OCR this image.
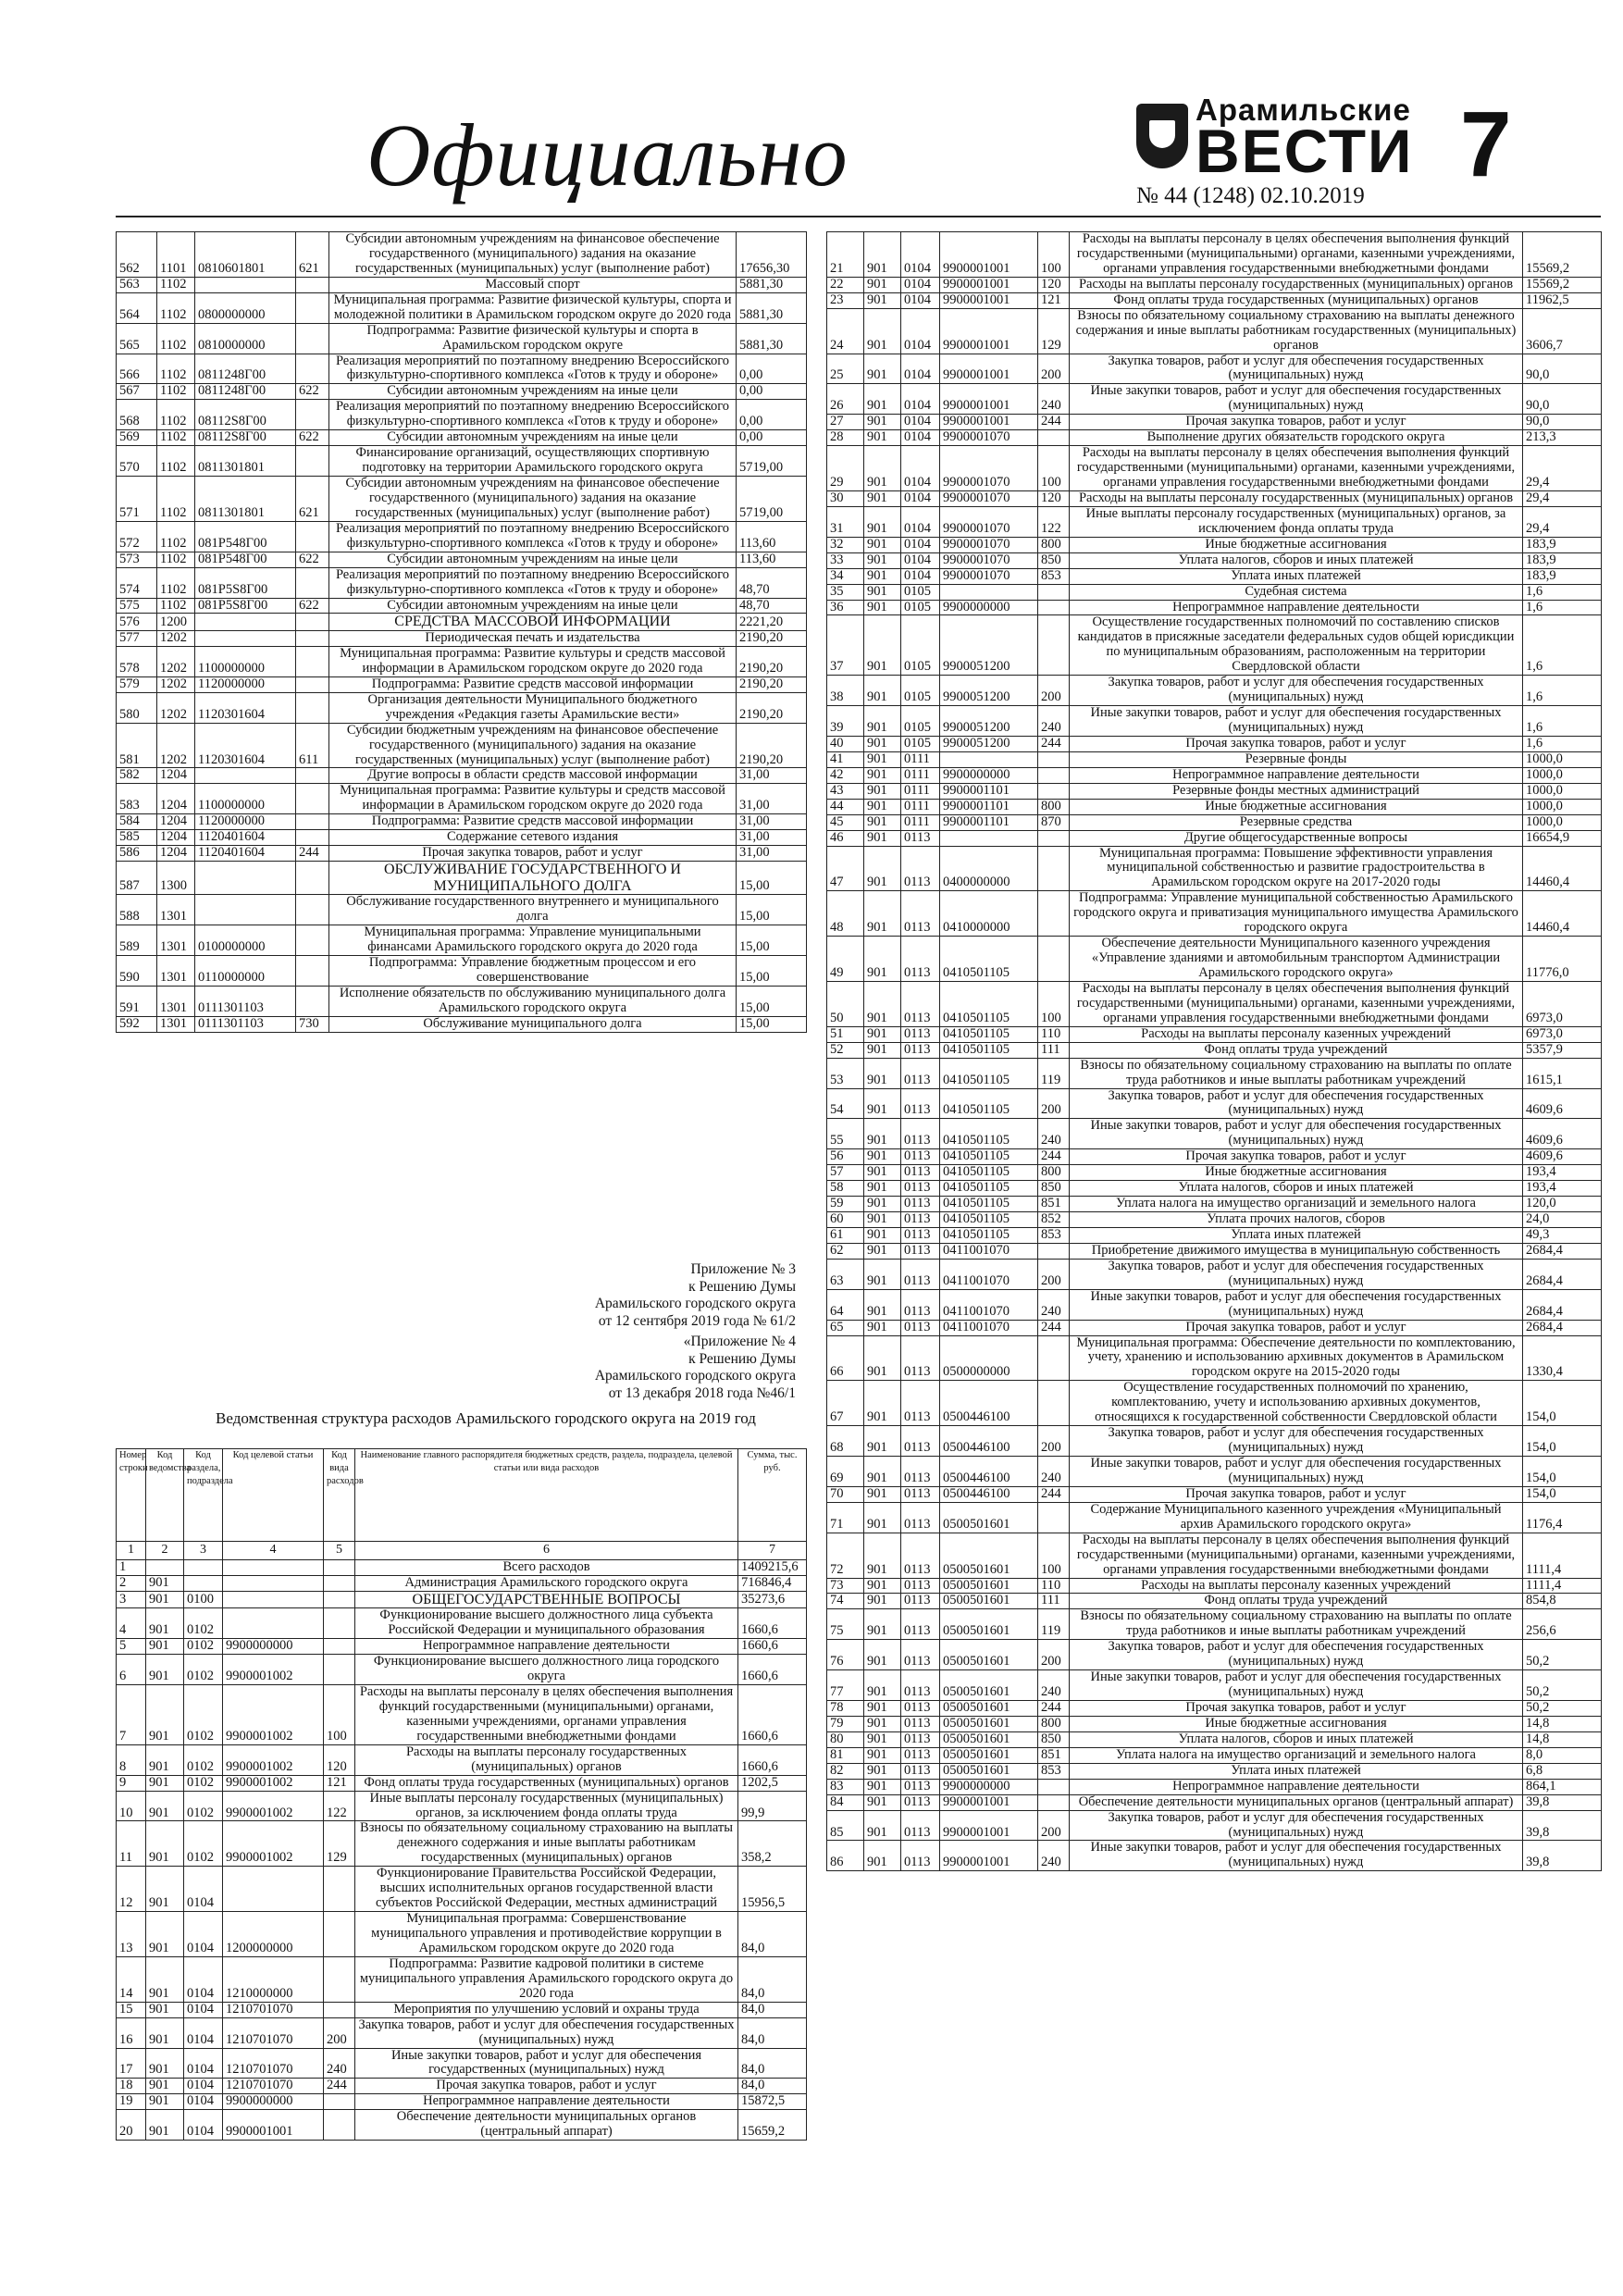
Официально	Арамильские
ВЕСТИ
№ 44 (1248) 02.10.2019 7
562	1101	0810601801	621	Субсидии автономным учреждениям на финансовое обеспечение государственного (муниципального) задания на оказание государственных (муниципальных) услуг (выполнение работ)	17656,30
563	1102			Массовый спорт	5881,30
564	1102	0800000000		Муниципальная программа: Развитие физической культуры, спорта и молодежной политики в Арамильском городском округе до 2020 года	5881,30
565	1102	0810000000		Подпрограмма: Развитие физической культуры и спорта в Арамильском городском округе	5881,30
566	1102	0811248Г00		Реализация мероприятий по поэтапному внедрению Всероссийского физкультурно-спортивного комплекса «Готов к труду и обороне»	0,00
567	1102	0811248Г00	622	Субсидии автономным учреждениям на иные цели	0,00
568	1102	08112S8Г00		Реализация мероприятий по поэтапному внедрению Всероссийского физкультурно-спортивного комплекса «Готов к труду и обороне»	0,00
569	1102	08112S8Г00	622	Субсидии автономным учреждениям на иные цели	0,00
570	1102	0811301801		Финансирование организаций, осуществляющих спортивную подготовку на территории Арамильского городского округа	5719,00
571	1102	0811301801	621	Субсидии автономным учреждениям на финансовое обеспечение государственного (муниципального) задания на оказание государственных (муниципальных) услуг (выполнение работ)	5719,00
572	1102	081P548Г00		Реализация мероприятий по поэтапному внедрению Всероссийского физкультурно-спортивного комплекса «Готов к труду и обороне»	113,60
573	1102	081P548Г00	622	Субсидии автономным учреждениям на иные цели	113,60
574	1102	081P5S8Г00		Реализация мероприятий по поэтапному внедрению Всероссийского физкультурно-спортивного комплекса «Готов к труду и обороне»	48,70
575	1102	081P5S8Г00	622	Субсидии автономным учреждениям на иные цели	48,70
576	1200			СРЕДСТВА МАССОВОЙ ИНФОРМАЦИИ	2221,20
577	1202			Периодическая печать и издательства	2190,20
578	1202	1100000000		Муниципальная программа: Развитие культуры и средств массовой информации в Арамильском городском округе до 2020 года	2190,20
579	1202	1120000000		Подпрограмма: Развитие средств массовой информации	2190,20
580	1202	1120301604		Организация деятельности Муниципального бюджетного учреждения «Редакция газеты Арамильские вести»	2190,20
581	1202	1120301604	611	Субсидии бюджетным учреждениям на финансовое обеспечение государственного (муниципального) задания на оказание государственных (муниципальных) услуг (выполнение работ)	2190,20
582	1204			Другие вопросы в области средств массовой информации	31,00
583	1204	1100000000		Муниципальная программа: Развитие культуры и средств массовой информации в Арамильском городском округе до 2020 года	31,00
584	1204	1120000000		Подпрограмма: Развитие средств массовой информации	31,00
585	1204	1120401604		Содержание сетевого издания	31,00
586	1204	1120401604	244	Прочая закупка товаров, работ и услуг	31,00
587	1300			ОБСЛУЖИВАНИЕ ГОСУДАРСТВЕННОГО И МУНИЦИПАЛЬНОГО ДОЛГА	15,00
588	1301			Обслуживание государственного внутреннего и муниципального долга	15,00
589	1301	0100000000		Муниципальная программа: Управление муниципальными финансами Арамильского городского округа до 2020 года	15,00
590	1301	0110000000		Подпрограмма: Управление бюджетным процессом и его совершенствование	15,00
591	1301	0111301103		Исполнение обязательств по обслуживанию муниципального долга Арамильского городского округа	15,00
592	1301	0111301103	730	Обслуживание муниципального долга	15,00
Приложение № 3
к Решению Думы
Арамильского городского округа
от 12 сентября 2019 года № 61/2
«Приложение № 4
к Решению Думы
Арамильского городского округа
от 13 декабря 2018 года №46/1
Ведомственная структура расходов Арамильского городского округа на 2019 год
Номер строки	Код ведомства	Код раздела, подраздела	Код целевой статьи	Код вида расходов	Наименование главного распорядителя бюджетных средств, раздела, подраздела, целевой статьи или вида расходов	Сумма, тыс. руб.
1	2	3	4	5	6	7
1					Всего расходов	1409215,6
2	901				Администрация Арамильского городского округа	716846,4
3	901	0100			ОБЩЕГОСУДАРСТВЕННЫЕ ВОПРОСЫ	35273,6
4	901	0102			Функционирование высшего должностного лица субъекта Российской Федерации и муниципального образования	1660,6
5	901	0102	9900000000		Непрограммное направление деятельности	1660,6
6	901	0102	9900001002		Функционирование высшего должностного лица городского округа	1660,6
7	901	0102	9900001002	100	Расходы на выплаты персоналу в целях обеспечения выполнения функций государственными (муниципальными) органами, казенными учреждениями, органами управления государственными внебюджетными фондами	1660,6
8	901	0102	9900001002	120	Расходы на выплаты персоналу государственных (муниципальных) органов	1660,6
9	901	0102	9900001002	121	Фонд оплаты труда государственных (муниципальных) органов	1202,5
10	901	0102	9900001002	122	Иные выплаты персоналу государственных (муниципальных) органов, за исключением фонда оплаты труда	99,9
11	901	0102	9900001002	129	Взносы по обязательному социальному страхованию на выплаты денежного содержания и иные выплаты работникам государственных (муниципальных) органов	358,2
12	901	0104			Функционирование Правительства Российской Федерации, высших исполнительных органов государственной власти субъектов Российской Федерации, местных администраций	15956,5
13	901	0104	1200000000		Муниципальная программа: Совершенствование муниципального управления и противодействие коррупции в Арамильском городском округе до 2020 года	84,0
14	901	0104	1210000000		Подпрограмма: Развитие кадровой политики в системе муниципального управления Арамильского городского округа до 2020 года	84,0
15	901	0104	1210701070		Мероприятия по улучшению условий и охраны труда	84,0
16	901	0104	1210701070	200	Закупка товаров, работ и услуг для обеспечения государственных (муниципальных) нужд	84,0
17	901	0104	1210701070	240	Иные закупки товаров, работ и услуг для обеспечения государственных (муниципальных) нужд	84,0
18	901	0104	1210701070	244	Прочая закупка товаров, работ и услуг	84,0
19	901	0104	9900000000		Непрограммное направление деятельности	15872,5
20	901	0104	9900001001		Обеспечение деятельности муниципальных органов (центральный аппарат)	15659,2
21	901	0104	9900001001	100	Расходы на выплаты персоналу в целях обеспечения выполнения функций государственными (муниципальными) органами, казенными учреждениями, органами управления государственными внебюджетными фондами	15569,2
22	901	0104	9900001001	120	Расходы на выплаты персоналу государственных (муниципальных) органов	15569,2
23	901	0104	9900001001	121	Фонд оплаты труда государственных (муниципальных) органов	11962,5
24	901	0104	9900001001	129	Взносы по обязательному социальному страхованию на выплаты денежного содержания и иные выплаты работникам государственных (муниципальных) органов	3606,7
25	901	0104	9900001001	200	Закупка товаров, работ и услуг для обеспечения государственных (муниципальных) нужд	90,0
26	901	0104	9900001001	240	Иные закупки товаров, работ и услуг для обеспечения государственных (муниципальных) нужд	90,0
27	901	0104	9900001001	244	Прочая закупка товаров, работ и услуг	90,0
28	901	0104	9900001070		Выполнение других обязательств городского округа	213,3
29	901	0104	9900001070	100	Расходы на выплаты персоналу в целях обеспечения выполнения функций государственными (муниципальными) органами, казенными учреждениями, органами управления государственными внебюджетными фондами	29,4
30	901	0104	9900001070	120	Расходы на выплаты персоналу государственных (муниципальных) органов	29,4
31	901	0104	9900001070	122	Иные выплаты персоналу государственных (муниципальных) органов, за исключением фонда оплаты труда	29,4
32	901	0104	9900001070	800	Иные бюджетные ассигнования	183,9
33	901	0104	9900001070	850	Уплата налогов, сборов и иных платежей	183,9
34	901	0104	9900001070	853	Уплата иных платежей	183,9
35	901	0105			Судебная система	1,6
36	901	0105	9900000000		Непрограммное направление деятельности	1,6
37	901	0105	9900051200		Осуществление государственных полномочий по составлению списков кандидатов в присяжные заседатели федеральных судов общей юрисдикции по муниципальным образованиям, расположенным на территории Свердловской области	1,6
38	901	0105	9900051200	200	Закупка товаров, работ и услуг для обеспечения государственных (муниципальных) нужд	1,6
39	901	0105	9900051200	240	Иные закупки товаров, работ и услуг для обеспечения государственных (муниципальных) нужд	1,6
40	901	0105	9900051200	244	Прочая закупка товаров, работ и услуг	1,6
41	901	0111			Резервные фонды	1000,0
42	901	0111	9900000000		Непрограммное направление деятельности	1000,0
43	901	0111	9900001101		Резервные фонды местных администраций	1000,0
44	901	0111	9900001101	800	Иные бюджетные ассигнования	1000,0
45	901	0111	9900001101	870	Резервные средства	1000,0
46	901	0113			Другие общегосударственные вопросы	16654,9
47	901	0113	0400000000		Муниципальная программа: Повышение эффективности управления муниципальной собственностью и развитие градостроительства в Арамильском городском округе на 2017-2020 годы	14460,4
48	901	0113	0410000000		Подпрограмма: Управление муниципальной собственностью Арамильского городского округа и приватизация муниципального имущества Арамильского городского округа	14460,4
49	901	0113	0410501105		Обеспечение деятельности Муниципального казенного учреждения «Управление зданиями и автомобильным транспортом Администрации Арамильского городского округа»	11776,0
50	901	0113	0410501105	100	Расходы на выплаты персоналу в целях обеспечения выполнения функций государственными (муниципальными) органами, казенными учреждениями, органами управления государственными внебюджетными фондами	6973,0
51	901	0113	0410501105	110	Расходы на выплаты персоналу казенных учреждений	6973,0
52	901	0113	0410501105	111	Фонд оплаты труда учреждений	5357,9
53	901	0113	0410501105	119	Взносы по обязательному социальному страхованию на выплаты по оплате труда работников и иные выплаты работникам учреждений	1615,1
54	901	0113	0410501105	200	Закупка товаров, работ и услуг для обеспечения государственных (муниципальных) нужд	4609,6
55	901	0113	0410501105	240	Иные закупки товаров, работ и услуг для обеспечения государственных (муниципальных) нужд	4609,6
56	901	0113	0410501105	244	Прочая закупка товаров, работ и услуг	4609,6
57	901	0113	0410501105	800	Иные бюджетные ассигнования	193,4
58	901	0113	0410501105	850	Уплата налогов, сборов и иных платежей	193,4
59	901	0113	0410501105	851	Уплата налога на имущество организаций и земельного налога	120,0
60	901	0113	0410501105	852	Уплата прочих налогов, сборов	24,0
61	901	0113	0410501105	853	Уплата иных платежей	49,3
62	901	0113	0411001070		Приобретение движимого имущества в муниципальную собственность	2684,4
63	901	0113	0411001070	200	Закупка товаров, работ и услуг для обеспечения государственных (муниципальных) нужд	2684,4
64	901	0113	0411001070	240	Иные закупки товаров, работ и услуг для обеспечения государственных (муниципальных) нужд	2684,4
65	901	0113	0411001070	244	Прочая закупка товаров, работ и услуг	2684,4
66	901	0113	0500000000		Муниципальная программа: Обеспечение деятельности по комплектованию, учету, хранению и использованию архивных документов в Арамильском городском округе на 2015-2020 годы	1330,4
67	901	0113	0500446100		Осуществление государственных полномочий по хранению, комплектованию, учету и использованию архивных документов, относящихся к государственной собственности Свердловской области	154,0
68	901	0113	0500446100	200	Закупка товаров, работ и услуг для обеспечения государственных (муниципальных) нужд	154,0
69	901	0113	0500446100	240	Иные закупки товаров, работ и услуг для обеспечения государственных (муниципальных) нужд	154,0
70	901	0113	0500446100	244	Прочая закупка товаров, работ и услуг	154,0
71	901	0113	0500501601		Содержание Муниципального казенного учреждения «Муниципальный архив Арамильского городского округа»	1176,4
72	901	0113	0500501601	100	Расходы на выплаты персоналу в целях обеспечения выполнения функций государственными (муниципальными) органами, казенными учреждениями, органами управления государственными внебюджетными фондами	1111,4
73	901	0113	0500501601	110	Расходы на выплаты персоналу казенных учреждений	1111,4
74	901	0113	0500501601	111	Фонд оплаты труда учреждений	854,8
75	901	0113	0500501601	119	Взносы по обязательному социальному страхованию на выплаты по оплате труда работников и иные выплаты работникам учреждений	256,6
76	901	0113	0500501601	200	Закупка товаров, работ и услуг для обеспечения государственных (муниципальных) нужд	50,2
77	901	0113	0500501601	240	Иные закупки товаров, работ и услуг для обеспечения государственных (муниципальных) нужд	50,2
78	901	0113	0500501601	244	Прочая закупка товаров, работ и услуг	50,2
79	901	0113	0500501601	800	Иные бюджетные ассигнования	14,8
80	901	0113	0500501601	850	Уплата налогов, сборов и иных платежей	14,8
81	901	0113	0500501601	851	Уплата налога на имущество организаций и земельного налога	8,0
82	901	0113	0500501601	853	Уплата иных платежей	6,8
83	901	0113	9900000000		Непрограммное направление деятельности	864,1
84	901	0113	9900001001		Обеспечение деятельности муниципальных органов (центральный аппарат)	39,8
85	901	0113	9900001001	200	Закупка товаров, работ и услуг для обеспечения государственных (муниципальных) нужд	39,8
86	901	0113	9900001001	240	Иные закупки товаров, работ и услуг для обеспечения государственных (муниципальных) нужд	39,8
